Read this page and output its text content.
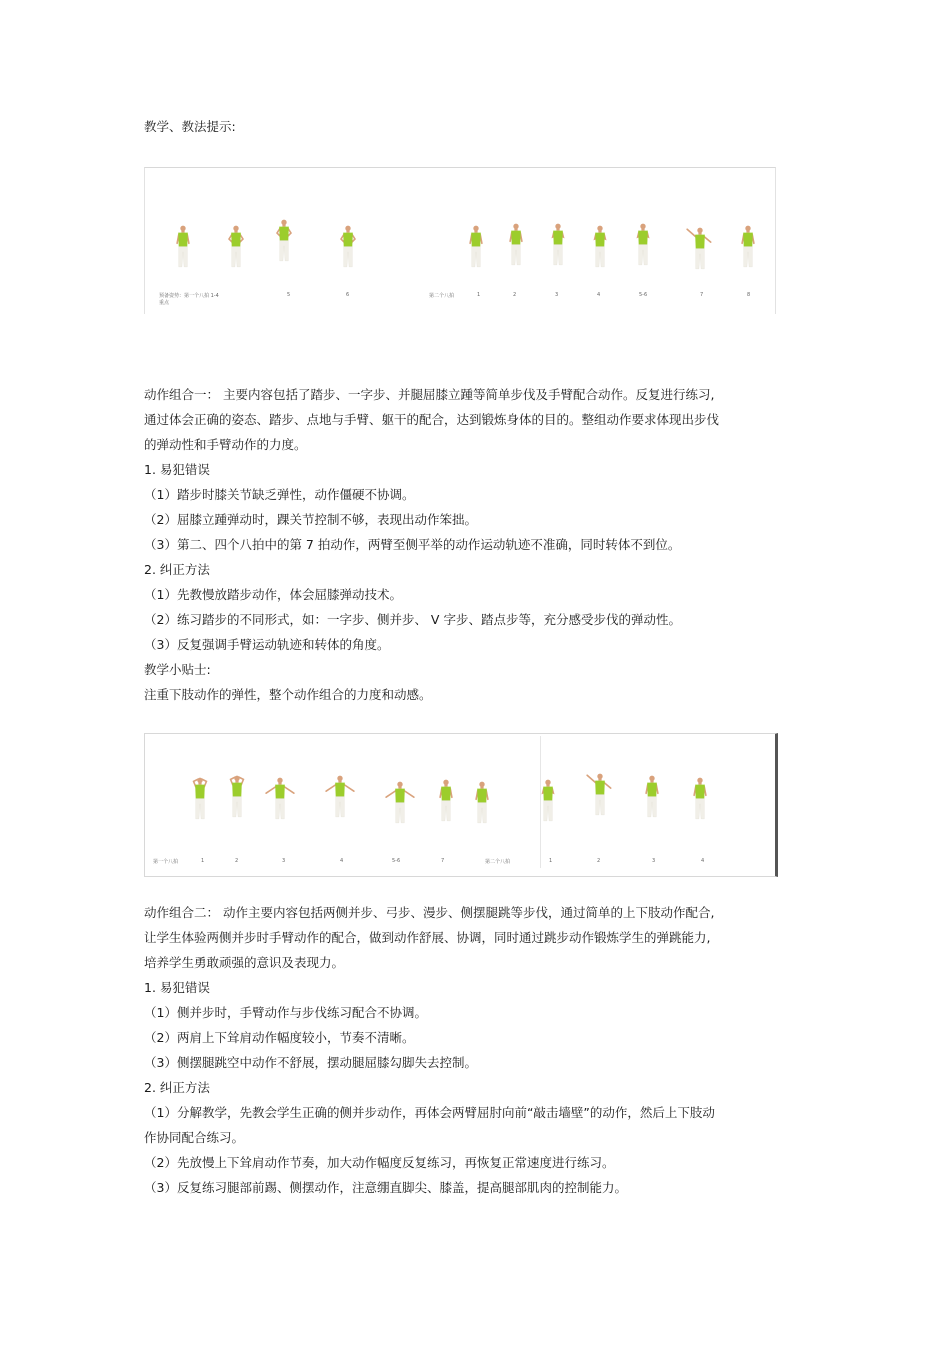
教学、教法提示:
预备姿势：第一个八拍 1-4
重点
5	6	第二个八拍	1	2	3	4	5-6	7	8
动作组合一： 主要内容包括了踏步、一字步、并腿屈膝立踵等简单步伐及手臂配合动作。反复进行练习,
通过体会正确的姿态、踏步、点地与手臂、躯干的配合，达到锻炼身体的目的。整组动作要求体现出步伐
的弹动性和手臂动作的力度。
1. 易犯错误
（1）踏步时膝关节缺乏弹性，动作僵硬不协调。
（2）屈膝立踵弹动时，踝关节控制不够，表现出动作笨拙。
（3）第二、四个八拍中的第 7 拍动作，两臂至侧平举的动作运动轨迹不准确，同时转体不到位。
2. 纠正方法
（1）先教慢放踏步动作，体会屈膝弹动技术。
（2）练习踏步的不同形式，如：一字步、侧并步、 V 字步、踏点步等，充分感受步伐的弹动性。
（3）反复强调手臂运动轨迹和转体的角度。
教学小贴士:
注重下肢动作的弹性，整个动作组合的力度和动感。
第一个八拍	1	2	3	4	5-6	7	第二个八拍	1	2	3	4
动作组合二： 动作主要内容包括两侧并步、弓步、漫步、侧摆腿跳等步伐，通过简单的上下肢动作配合,
让学生体验两侧并步时手臂动作的配合，做到动作舒展、协调，同时通过跳步动作锻炼学生的弹跳能力,
培养学生勇敢顽强的意识及表现力。
1. 易犯错误
（1）侧并步时，手臂动作与步伐练习配合不协调。
（2）两肩上下耸肩动作幅度较小，节奏不清晰。
（3）侧摆腿跳空中动作不舒展，摆动腿屈膝勾脚失去控制。
2. 纠正方法
（1）分解教学，先教会学生正确的侧并步动作，再体会两臂屈肘向前“敲击墙壁”的动作，然后上下肢动
作协同配合练习。
（2）先放慢上下耸肩动作节奏，加大动作幅度反复练习，再恢复正常速度进行练习。
（3）反复练习腿部前踢、侧摆动作，注意绷直脚尖、膝盖，提高腿部肌肉的控制能力。
